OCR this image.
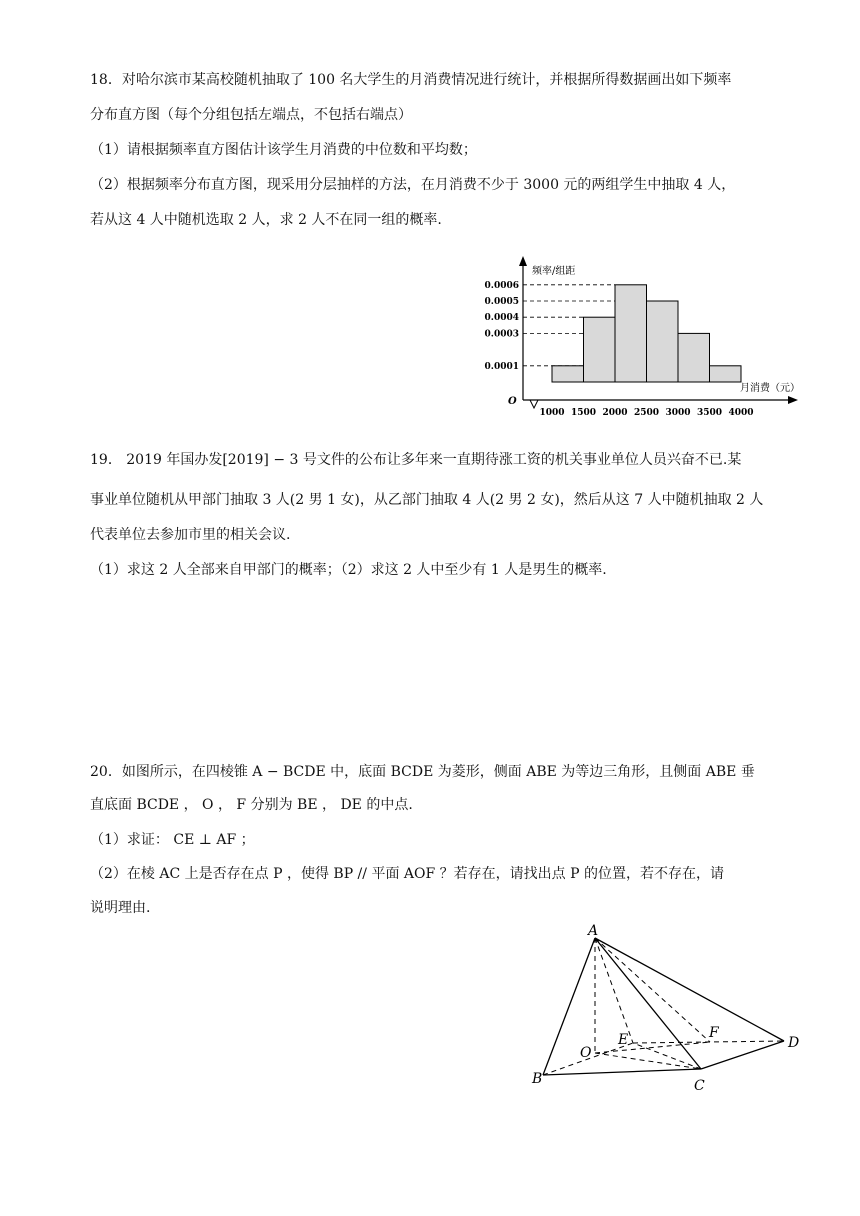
18．对哈尔滨市某高校随机抽取了 100 名大学生的月消费情况进行统计，并根据所得数据画出如下频率
分布直方图（每个分组包括左端点，不包括右端点）
（1）请根据频率直方图估计该学生月消费的中位数和平均数；
（2）根据频率分布直方图，现采用分层抽样的方法，在月消费不少于 3000 元的两组学生中抽取 4 人，
若从这 4 人中随机选取 2 人，求 2 人不在同一组的概率.
频率/组距
月消费（元）
O
0.0006
0.0005
0.0004
0.0003
0.0001
1000 1500 2000 2500 3000 3500 4000
19． 2019 年国办发[2019] − 3 号文件的公布让多年来一直期待涨工资的机关事业单位人员兴奋不已.某
事业单位随机从甲部门抽取 3 人(2 男 1 女)，从乙部门抽取 4 人(2 男 2 女)，然后从这 7 人中随机抽取 2 人
代表单位去参加市里的相关会议.
（1）求这 2 人全部来自甲部门的概率；（2）求这 2 人中至少有 1 人是男生的概率.
20．如图所示，在四棱锥 A − BCDE 中，底面 BCDE 为菱形，侧面 ABE 为等边三角形，且侧面 ABE 垂
直底面 BCDE ， O ， F 分别为 BE ， DE 的中点.
（1）求证： CE ⊥ AF ；
（2）在棱 AC 上是否存在点 P ，使得 BP // 平面 AOF ？若存在，请找出点 P 的位置，若不存在，请
说明理由.
A
B	C
D
E	F
O
